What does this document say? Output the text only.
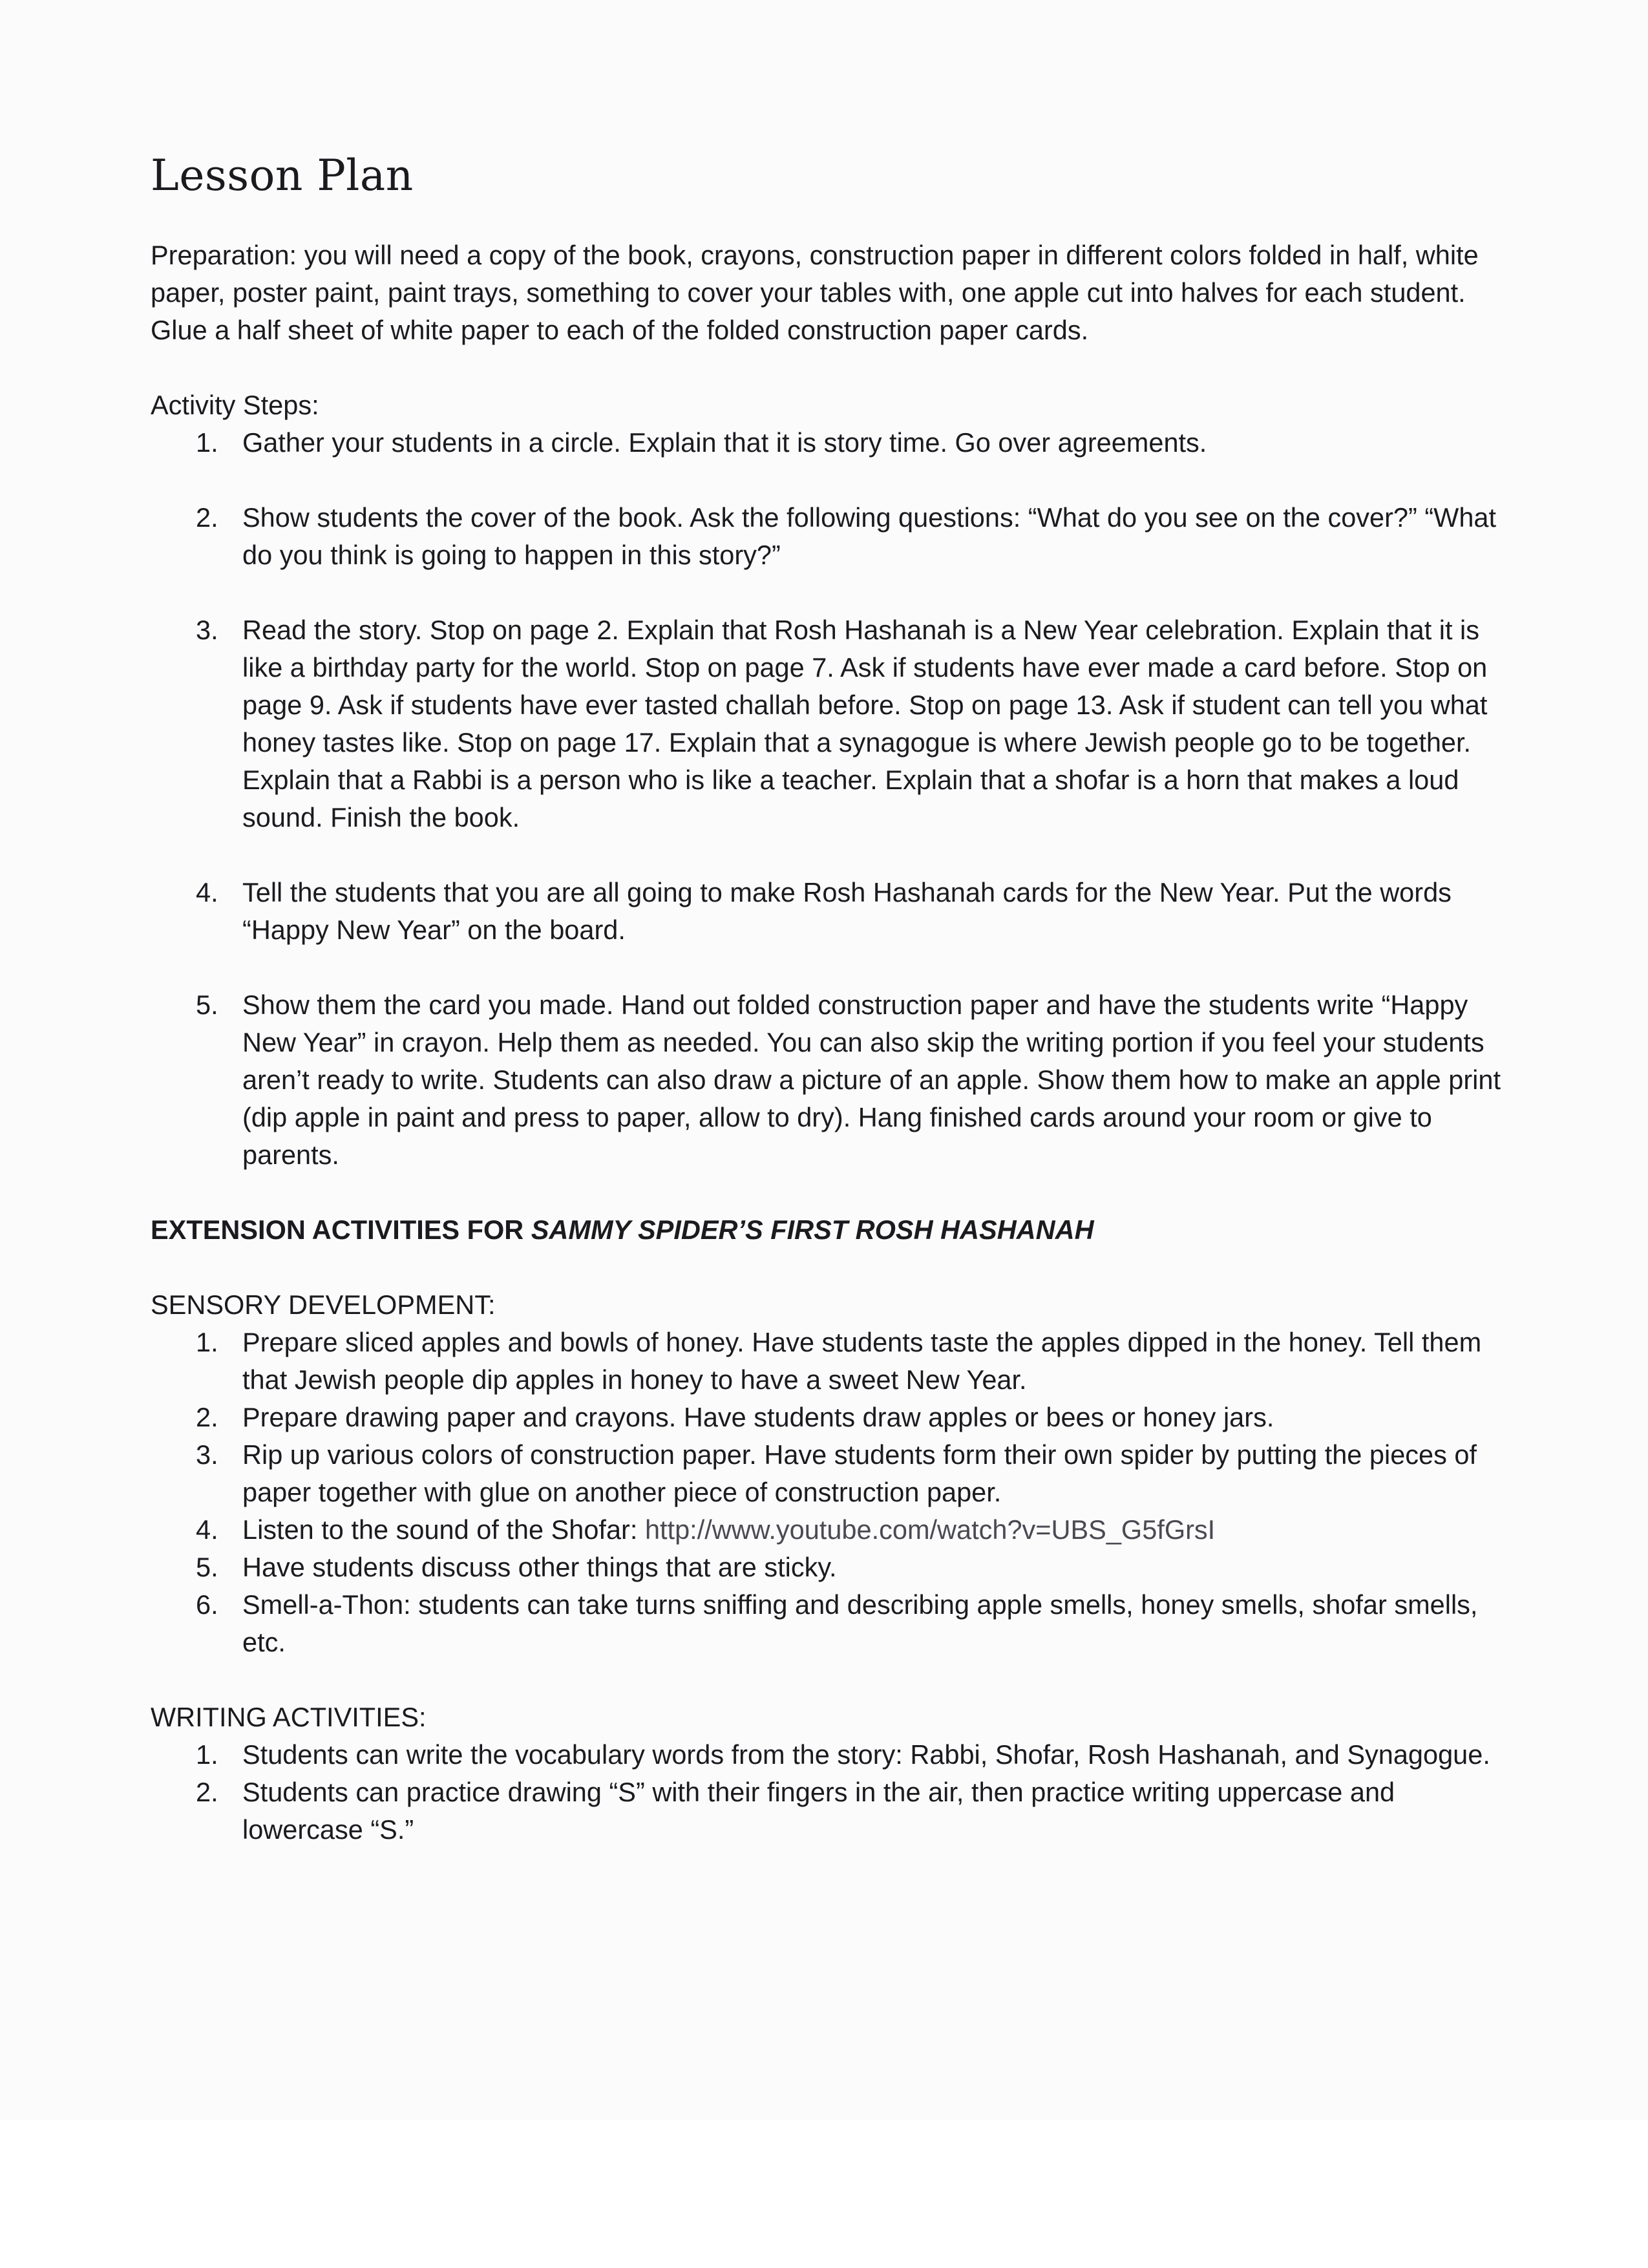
Lesson Plan

Preparation: you will need a copy of the book, crayons, construction paper in different colors folded in half, white paper, poster paint, paint trays, something to cover your tables with, one apple cut into halves for each student. Glue a half sheet of white paper to each of the folded construction paper cards.

Activity Steps:

1. Gather your students in a circle. Explain that it is story time. Go over agreements.
2. Show students the cover of the book. Ask the following questions: “What do you see on the cover?” “What do you think is going to happen in this story?”
3. Read the story. Stop on page 2. Explain that Rosh Hashanah is a New Year celebration. Explain that it is like a birthday party for the world. Stop on page 7. Ask if students have ever made a card before. Stop on page 9. Ask if students have ever tasted challah before. Stop on page 13. Ask if student can tell you what honey tastes like. Stop on page 17. Explain that a synagogue is where Jewish people go to be together. Explain that a Rabbi is a person who is like a teacher. Explain that a shofar is a horn that makes a loud sound. Finish the book.
4. Tell the students that you are all going to make Rosh Hashanah cards for the New Year. Put the words “Happy New Year” on the board.
5. Show them the card you made. Hand out folded construction paper and have the students write “Happy New Year” in crayon. Help them as needed. You can also skip the writing portion if you feel your students aren’t ready to write. Students can also draw a picture of an apple. Show them how to make an apple print (dip apple in paint and press to paper, allow to dry). Hang finished cards around your room or give to parents.

EXTENSION ACTIVITIES FOR SAMMY SPIDER’S FIRST ROSH HASHANAH

SENSORY DEVELOPMENT:

1. Prepare sliced apples and bowls of honey. Have students taste the apples dipped in the honey. Tell them that Jewish people dip apples in honey to have a sweet New Year.
2. Prepare drawing paper and crayons. Have students draw apples or bees or honey jars.
3. Rip up various colors of construction paper. Have students form their own spider by putting the pieces of paper together with glue on another piece of construction paper.
4. Listen to the sound of the Shofar: http://www.youtube.com/watch?v=UBS_G5fGrsI
5. Have students discuss other things that are sticky.
6. Smell-a-Thon: students can take turns sniffing and describing apple smells, honey smells, shofar smells, etc.

WRITING ACTIVITIES:

1. Students can write the vocabulary words from the story: Rabbi, Shofar, Rosh Hashanah, and Synagogue.
2. Students can practice drawing “S” with their fingers in the air, then practice writing uppercase and lowercase “S.”
